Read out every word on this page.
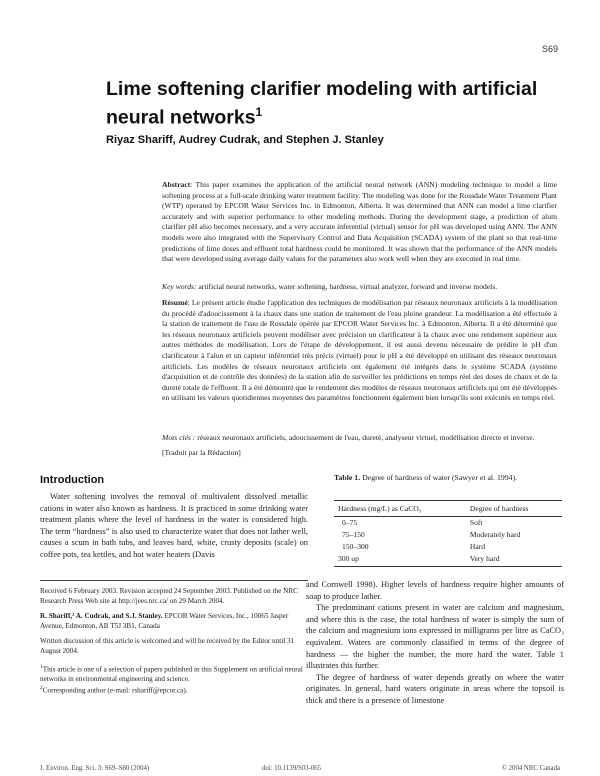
S69
Lime softening clarifier modeling with artificial neural networks$^1$
Riyaz Shariff, Audrey Cudrak, and Stephen J. Stanley
Abstract: This paper examines the application of the artificial neural network (ANN) modeling technique to model a lime softening process at a full-scale drinking water treatment facility. The modeling was done for the Rossdale Water Treatment Plant (WTP) operated by EPCOR Water Services Inc. in Edmonton, Alberta. It was determined that ANN can model a lime clarifier accurately and with superior performance to other modeling methods. During the development stage, a prediction of alum clarifier pH also becomes necessary, and a very accurate inferential (virtual) sensor for pH was developed using ANN. The ANN models were also integrated with the Supervisory Control and Data Acquisition (SCADA) system of the plant so that real-time predictions of lime doses and effluent total hardness could be monitored. It was shown that the performance of the ANN models that were developed using average daily values for the parameters also work well when they are executed in real time.
Key words: artificial neural networks, water softening, hardness, virtual analyzer, forward and inverse models.
Résumé: Le présent article étudie l'application des techniques de modélisation par réseaux neuronaux artificiels à la modélisation du procédé d'adoucissement à la chaux dans une station de traitement de l'eau pleine grandeur. La modélisation a été effectuée à la station de traitement de l'eau de Rossdale opérée par EPCOR Water Services Inc. à Edmonton, Alberta. Il a été déterminé que les réseaux neuronaux artificiels peuvent modéliser avec précision un clarificateur à la chaux avec une rendement supérieur aux autres méthodes de modélisation. Lors de l'étape de développement, il est aussi devenu nécessaire de prédire le pH d'un clarificateur à l'alun et un capteur inférentiel très précis (virtuel) pour le pH a été développé en utilisant des réseaux neuronaux artificiels. Les modèles de réseaux neuronaux artificiels ont également été intégrés dans le système SCADA (système d'acquisition et de contrôle des données) de la station afin de surveiller les prédictions en temps réel des doses de chaux et de la dureté totale de l'effluent. Il a été démontré que le rendement des modèles de réseaux neuronaux artificiels qui ont été développés en utilisant les valeurs quotidiennes moyennes des paramètres fonctionnent également bien lorsqu'ils sont exécutés en temps réel.
Mots clés : réseaux neuronaux artificiels, adoucissement de l'eau, dureté, analyseur virtuel, modélisation directe et inverse.
[Traduit par la Rédaction]
Introduction

Water softening involves the removal of multivalent dissolved metallic cations in water also known as hardness. It is practiced in some drinking water treatment plants where the level of hardness in the water is considered high. The term “hardness” is also used to characterize water that does not lather well, causes a scum in bath tubs, and leaves hard, white, crusty deposits (scale) on coffee pots, tea kettles, and hot water heaters (Davis

Received 6 February 2003. Revision accepted 24 September 2003. Published on the NRC Research Press Web site at http://jees.nrc.ca/ on 29 March 2004.

R. Shariff,² A. Cudrak, and S.J. Stanley. EPCOR Water Services, Inc., 10065 Jasper Avenue, Edmonton, AB T5J 3B1, Canada

Written discussion of this article is welcomed and will be received by the Editor until 31 August 2004.

$^1$This article is one of a selection of papers published in this Supplement on artificial neural networks in environmental engineering and science.

$^2$Corresponding author (e-mail: rshariff@epcor.ca).

Table 1. Degree of hardness of water (Sawyer et al. 1994).
Hardness (mg/L) as CaCO₃	Degree of hardness
0–75	Soft
75–150	Moderately hard
150–300	Hard
300 up	Very hard

and Cornwell 1998). Higher levels of hardness require higher amounts of soap to produce lather.

The predominant cations present in water are calcium and magnesium, and where this is the case, the total hardness of water is simply the sum of the calcium and magnesium ions expressed in milligrams per litre as CaCO₃ equivalent. Waters are commonly classified in terms of the degree of hardness — the higher the number, the more hard the water. Table 1 illustrates this further.

The degree of hardness of water depends greatly on where the water originates. In general, hard waters originate in areas where the topsoil is thick and there is a presence of limestone

J. Environ. Eng. Sci. 3: S69–S80 (2004)	doi: 10.1139/S03-065	© 2004 NRC Canada
